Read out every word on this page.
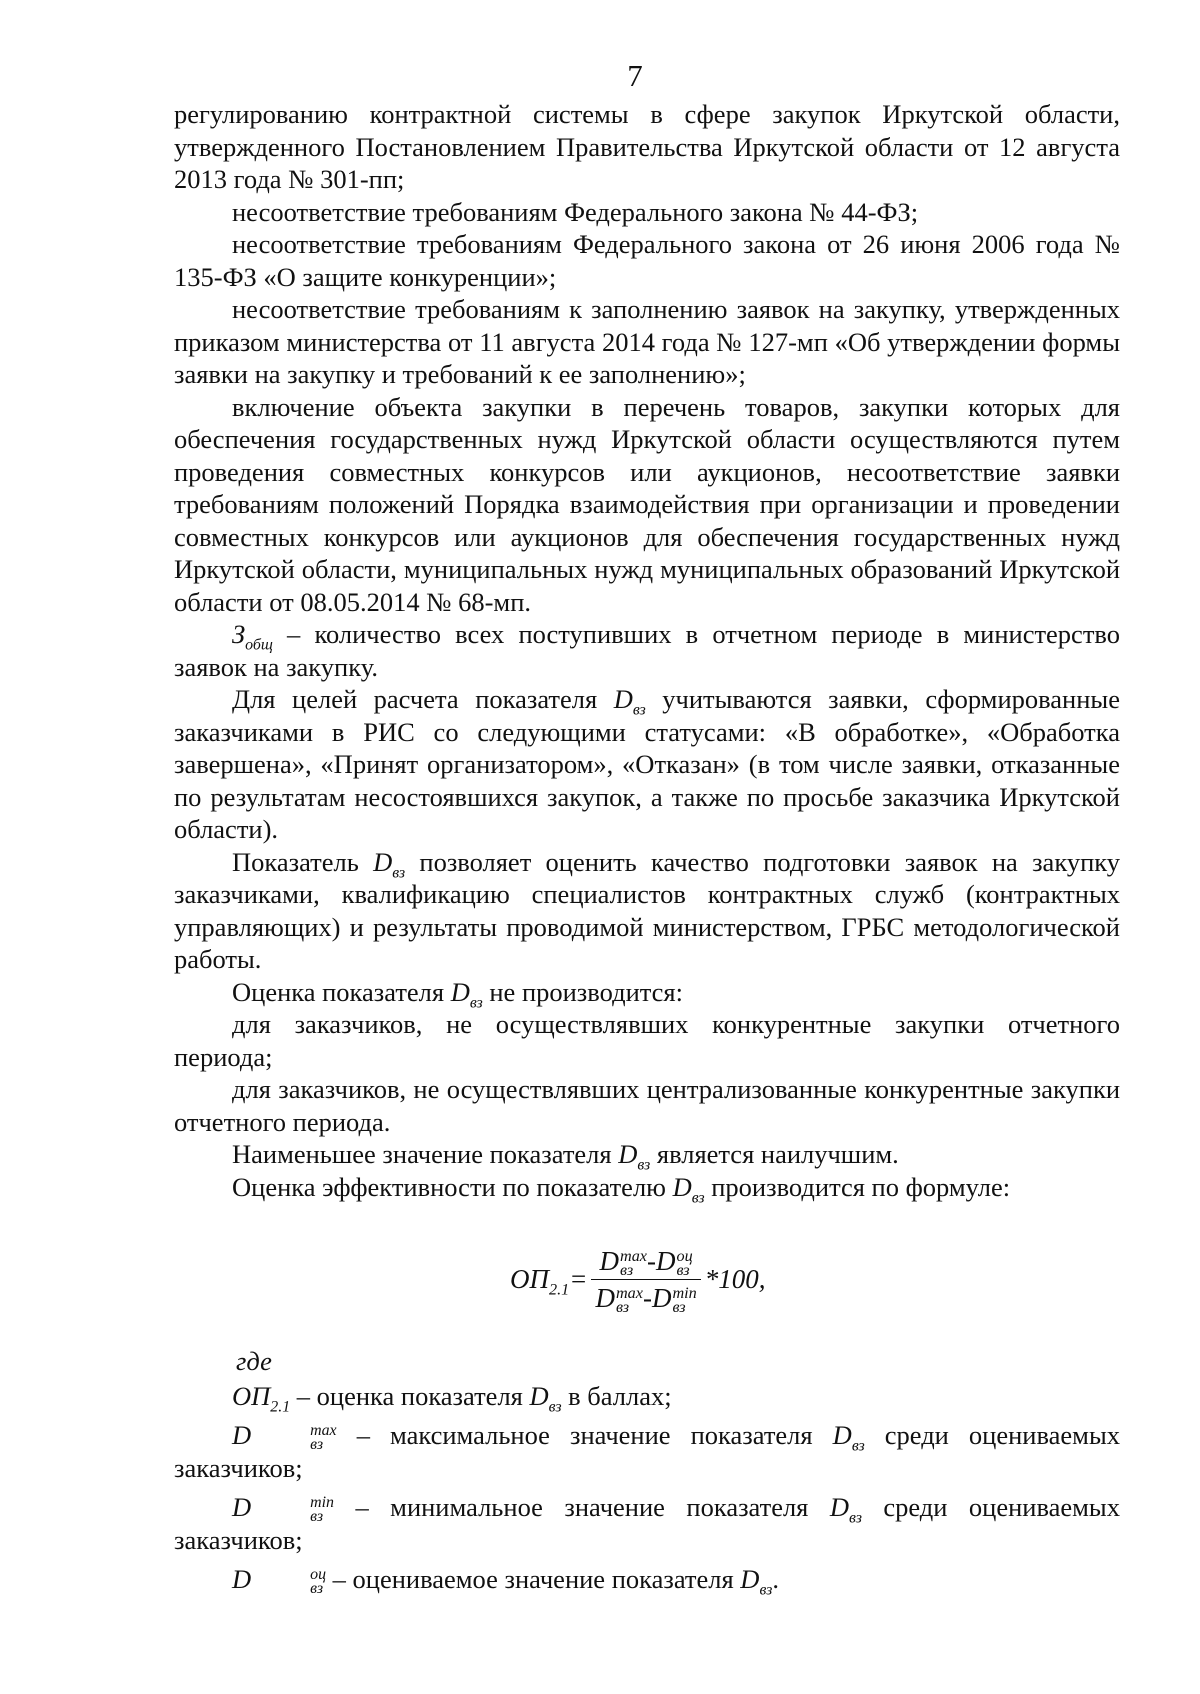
7

регулированию контрактной системы в сфере закупок Иркутской области, утвержденного Постановлением Правительства Иркутской области от 12 августа 2013 года № 301-пп;

несоответствие требованиям Федерального закона № 44-ФЗ;

несоответствие требованиям Федерального закона от 26 июня 2006 года № 135-ФЗ «О защите конкуренции»;

несоответствие требованиям к заполнению заявок на закупку, утвержденных приказом министерства от 11 августа 2014 года № 127-мп «Об утверждении формы заявки на закупку и требований к ее заполнению»;

включение объекта закупки в перечень товаров, закупки которых для обеспечения государственных нужд Иркутской области осуществляются путем проведения совместных конкурсов или аукционов, несоответствие заявки требованиям положений Порядка взаимодействия при организации и проведении совместных конкурсов или аукционов для обеспечения государственных нужд Иркутской области, муниципальных нужд муниципальных образований Иркутской области от 08.05.2014 № 68-мп.

$З_{общ}$ – количество всех поступивших в отчетном периоде в министерство заявок на закупку.

Для целей расчета показателя $D_{вз}$ учитываются заявки, сформированные заказчиками в РИС со следующими статусами: «В обработке», «Обработка завершена», «Принят организатором», «Отказан» (в том числе заявки, отказанные по результатам несостоявшихся закупок, а также по просьбе заказчика Иркутской области).

Показатель $D_{вз}$ позволяет оценить качество подготовки заявок на закупку заказчиками, квалификацию специалистов контрактных служб (контрактных управляющих) и результаты проводимой министерством, ГРБС методологической работы.

Оценка показателя $D_{вз}$ не производится:

для заказчиков, не осуществлявших конкурентные закупки отчетного периода;

для заказчиков, не осуществлявших централизованные конкурентные закупки отчетного периода.

Наименьшее значение показателя $D_{вз}$ является наилучшим.

Оценка эффективности по показателю $D_{вз}$ производится по формуле:

$ОП_{2.1} = D$ max
вз -D оц
вз
D max
вз -D min
вз *100,
где

$ОП_{2.1}$ – оценка показателя $D_{вз}$ в баллах;

D	max
вз – максимальное значение показателя $D_{вз}$ среди оцениваемых заказчиков;

D	min
вз – минимальное значение показателя $D_{вз}$ среди оцениваемых заказчиков;

D	оц
вз – оцениваемое значение показателя $D_{вз}$.
